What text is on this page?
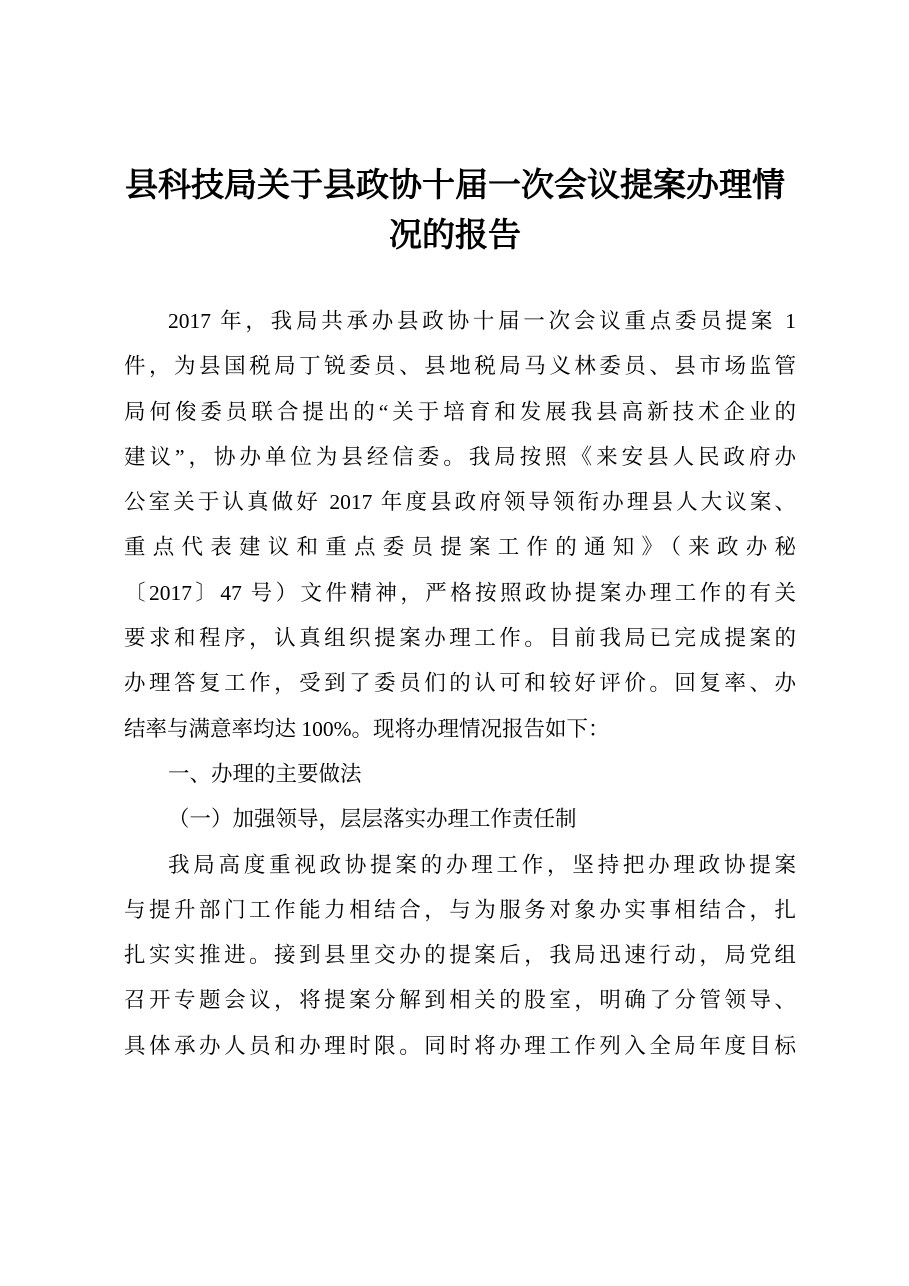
县科技局关于县政协十届一次会议提案办理情
况的报告
2017 年，我局共承办县政协十届一次会议重点委员提案 1
件，为县国税局丁锐委员、县地税局马义林委员、县市场监管
局何俊委员联合提出的“关于培育和发展我县高新技术企业的
建议”，协办单位为县经信委。我局按照《来安县人民政府办
公室关于认真做好 2017 年度县政府领导领衔办理县人大议案、
重点代表建议和重点委员提案工作的通知》（来政办秘
〔2017〕47 号）文件精神，严格按照政协提案办理工作的有关
要求和程序，认真组织提案办理工作。目前我局已完成提案的
办理答复工作，受到了委员们的认可和较好评价。回复率、办
结率与满意率均达 100%。现将办理情况报告如下：
一、办理的主要做法
（一）加强领导，层层落实办理工作责任制
我局高度重视政协提案的办理工作，坚持把办理政协提案
与提升部门工作能力相结合，与为服务对象办实事相结合，扎
扎实实推进。接到县里交办的提案后，我局迅速行动，局党组
召开专题会议，将提案分解到相关的股室，明确了分管领导、
具体承办人员和办理时限。同时将办理工作列入全局年度目标
